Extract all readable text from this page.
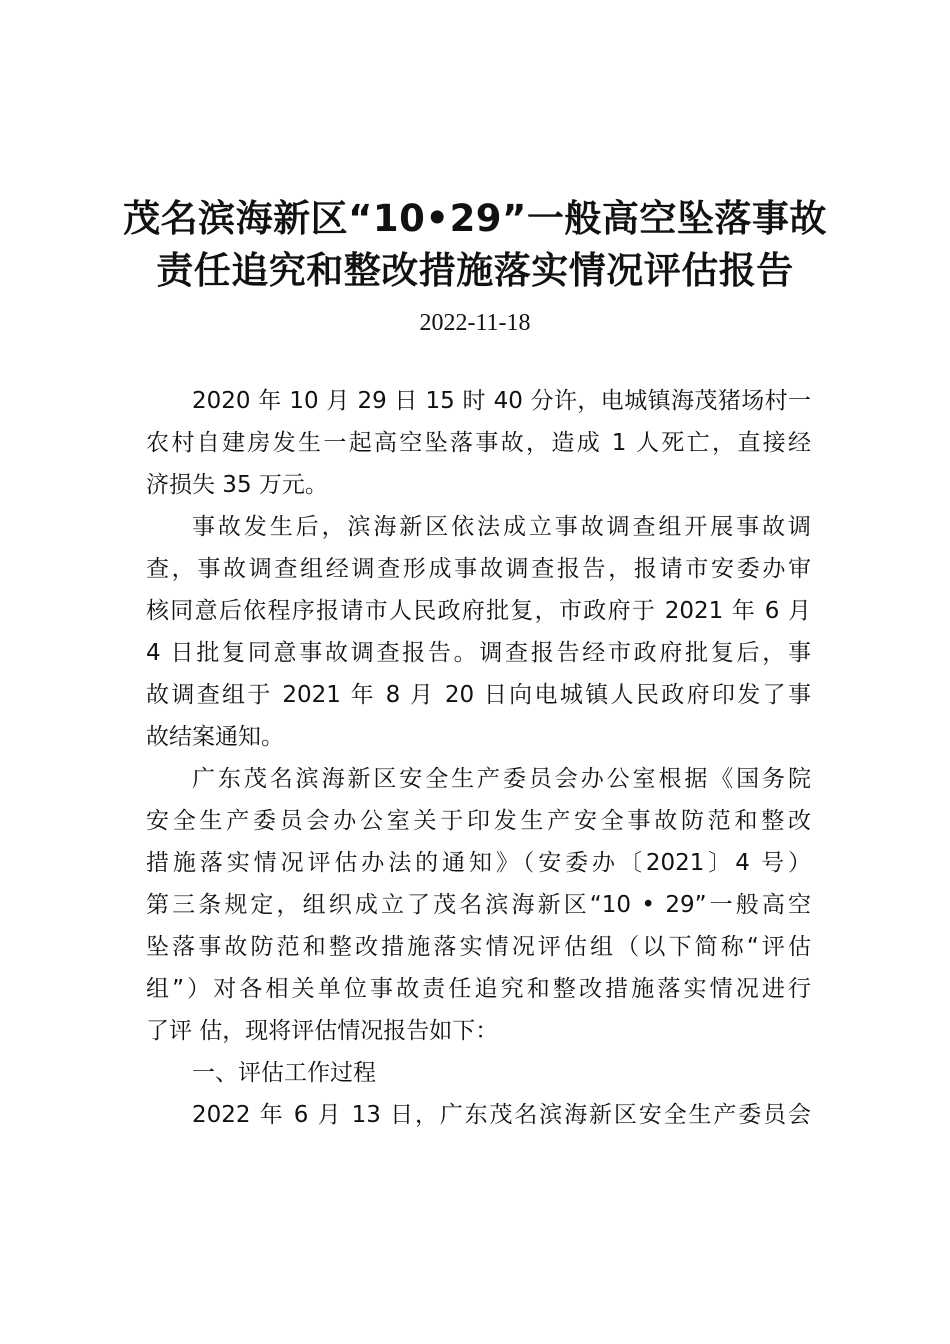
茂名滨海新区“10•29”一般高空坠落事故
责任追究和整改措施落实情况评估报告
2022-11-18
2020 年 10 月 29 日 15 时 40 分许，电城镇海茂猪场村一
农村自建房发生一起高空坠落事故，造成 1 人死亡，直接经
济损失 35 万元。
事故发生后，滨海新区依法成立事故调查组开展事故调
查，事故调查组经调查形成事故调查报告，报请市安委办审
核同意后依程序报请市人民政府批复，市政府于 2021 年 6 月
4 日批复同意事故调查报告。调查报告经市政府批复后，事
故调查组于 2021 年 8 月 20 日向电城镇人民政府印发了事
故结案通知。
广东茂名滨海新区安全生产委员会办公室根据《国务院
安全生产委员会办公室关于印发生产安全事故防范和整改
措施落实情况评估办法的通知》（安委办〔2021〕4 号）
第三条规定，组织成立了茂名滨海新区“10 • 29”一般高空
坠落事故防范和整改措施落实情况评估组（以下简称“评估
组”）对各相关单位事故责任追究和整改措施落实情况进行
了评 估，现将评估情况报告如下：
一、评估工作过程
2022 年 6 月 13 日，广东茂名滨海新区安全生产委员会
